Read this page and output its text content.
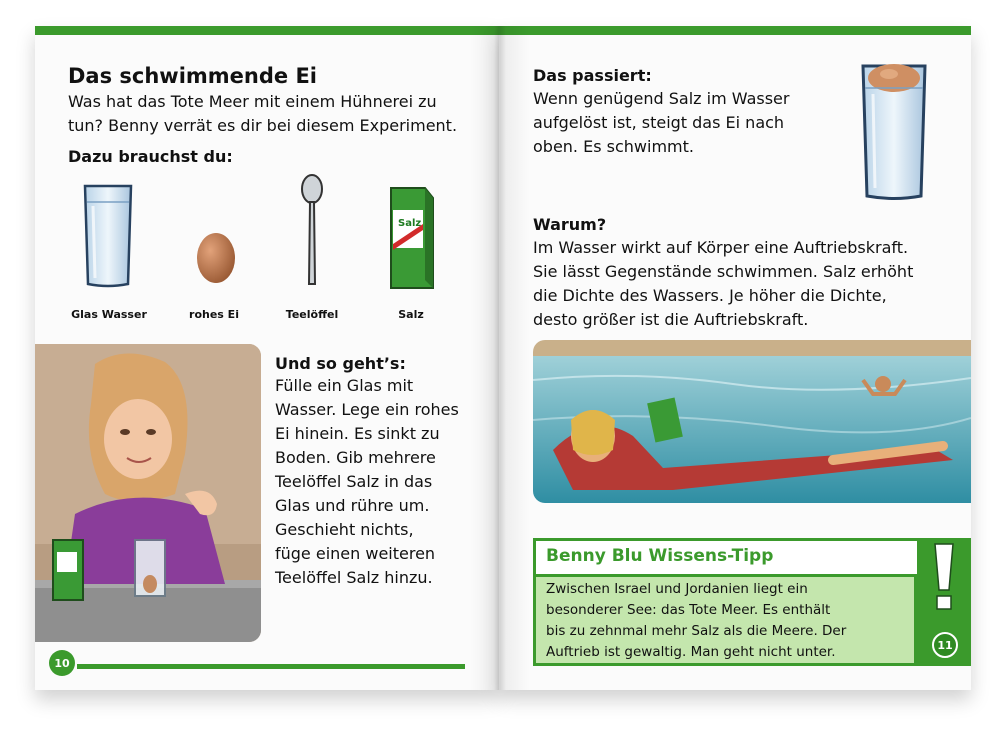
Das schwimmende Ei
Was hat das Tote Meer mit einem Hühnerei zu
tun? Benny verrät es dir bei diesem Experiment.
Dazu brauchst du:
Salz
Glas Wasser	rohes Ei	Teelöffel	Salz
Und so geht’s:
Fülle ein Glas mit
Wasser. Lege ein rohes
Ei hinein. Es sinkt zu
Boden. Gib mehrere
Teelöffel Salz in das
Glas und rühre um.
Geschieht nichts,
füge einen weiteren
Teelöffel Salz hinzu.
10
Das passiert:
Wenn genügend Salz im Wasser
aufgelöst ist, steigt das Ei nach
oben. Es schwimmt.
Warum?
Im Wasser wirkt auf Körper eine Auftriebskraft.
Sie lässt Gegenstände schwimmen. Salz erhöht
die Dichte des Wassers. Je höher die Dichte,
desto größer ist die Auftriebskraft.
Benny Blu Wissens-Tipp
Zwischen Israel und Jordanien liegt ein
besonderer See: das Tote Meer. Es enthält
bis zu zehnmal mehr Salz als die Meere. Der
Auftrieb ist gewaltig. Man geht nicht unter.	11
